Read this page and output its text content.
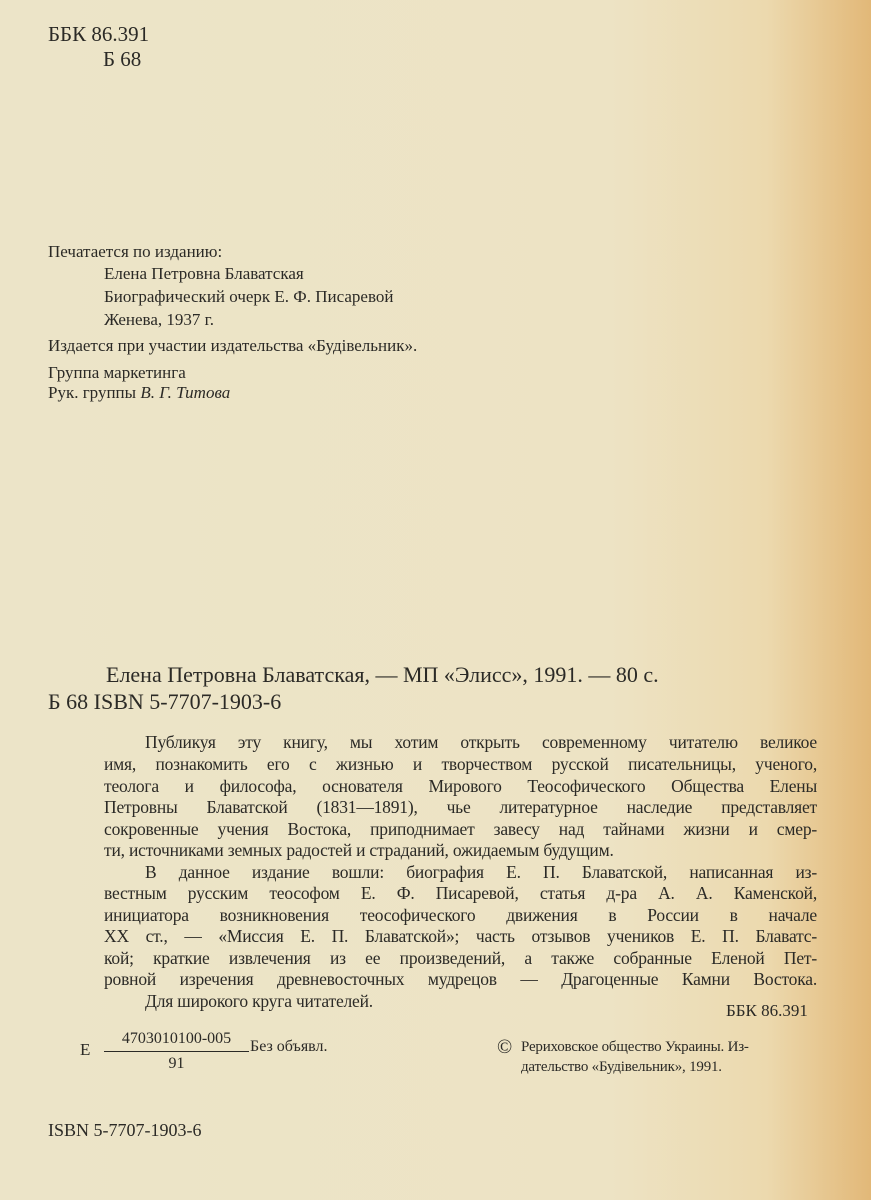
ББК 86.391
Б 68
Печатается по изданию:
Елена Петровна Блаватская
Биографический очерк Е. Ф. Писаревой
Женева, 1937 г.
Издается при участии издательства «Будівельник».
Группа маркетинга
Рук. группы В. Г. Титова
Елена Петровна Блаватская, — МП «Элисс», 1991. — 80 с.
Б 68 ISBN 5-7707-1903-6
Публикуя эту книгу, мы хотим открыть современному читателю великое
имя, познакомить его с жизнью и творчеством русской писательницы, ученого,
теолога и философа, основателя Мирового Теософического Общества Елены
Петровны Блаватской (1831—1891), чье литературное наследие представляет
сокровенные учения Востока, приподнимает завесу над тайнами жизни и смер-
ти, источниками земных радостей и страданий, ожидаемым будущим.
В данное издание вошли: биография Е. П. Блаватской, написанная из-
вестным русским теософом Е. Ф. Писаревой, статья д-ра А. А. Каменской,
инициатора возникновения теософического движения в России в начале
XX ст., — «Миссия Е. П. Блаватской»; часть отзывов учеников Е. П. Блаватс-
кой; краткие извлечения из ее произведений, а также собранные Еленой Пет-
ровной изречения древневосточных мудрецов — Драгоценные Камни Востока.
Для широкого круга читателей.	ББК 86.391
Е
4703010100-005
91
Без объявл.	© Рериховское общество Украины. Из-
дательство «Будівельник», 1991.
ISBN 5-7707-1903-6
